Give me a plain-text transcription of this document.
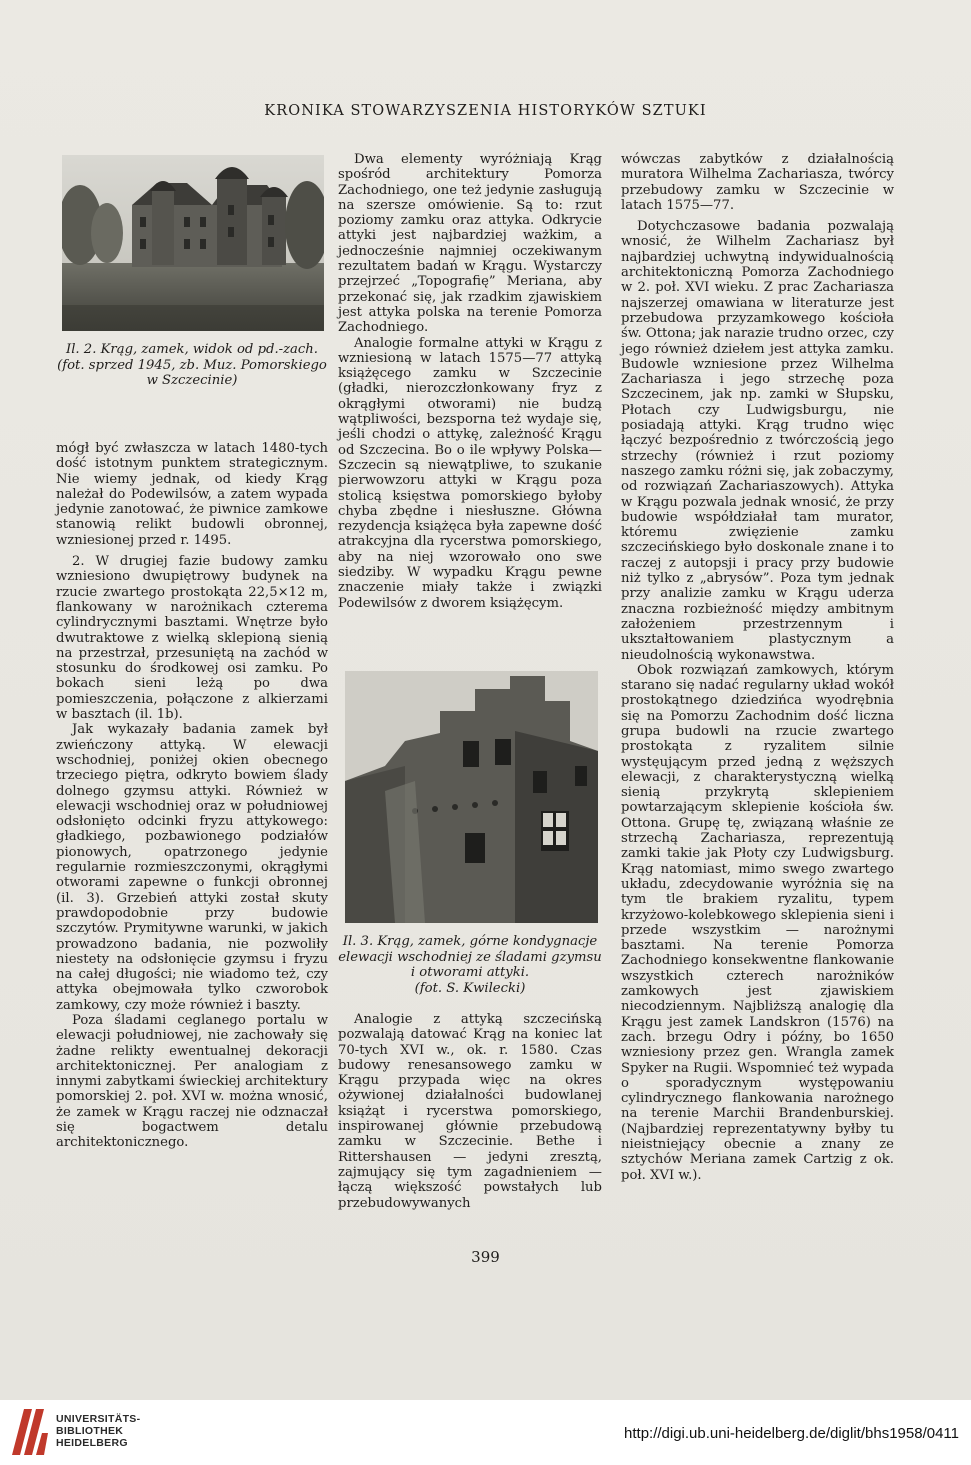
KRONIKA STOWARZYSZENIA HISTORYKÓW SZTUKI
Il. 2. Krąg, zamek, widok od pd.-zach. (fot. sprzed 1945, zb. Muz. Pomorskiego w Szczecinie)
Il. 3. Krąg, zamek, górne kondygnacje elewacji wschodniej ze śladami gzymsu i otworami attyki.
(fot. S. Kwilecki)

mógł być zwłaszcza w latach 1480-tych dość istotnym punktem strategicznym. Nie wiemy jednak, od kiedy Krąg należał do Podewilsów, a zatem wypada jedynie zanotować, że piwnice zamkowe stanowią relikt budowli obronnej, wzniesionej przed r. 1495.

2. W drugiej fazie budowy zamku wzniesiono dwupiętrowy budynek na rzucie zwartego prostokąta 22,5×12 m, flankowany w narożnikach czterema cylindrycznymi basztami. Wnętrze było dwutraktowe z wielką sklepioną sienią na przestrzał, przesuniętą na zachód w stosunku do środkowej osi zamku. Po bokach sieni leżą po dwa pomieszczenia, połączone z alkierzami w basztach (il. 1b).

Jak wykazały badania zamek był zwieńczony attyką. W elewacji wschodniej, poniżej okien obecnego trzeciego piętra, odkryto bowiem ślady dolnego gzymsu attyki. Również w elewacji wschodniej oraz w południowej odsłonięto odcinki fryzu attykowego: gładkiego, pozbawionego podziałów pionowych, opatrzonego jedynie regularnie rozmieszczonymi, okrągłymi otworami zapewne o funkcji obronnej (il. 3). Grzebień attyki został skuty prawdopodobnie przy budowie szczytów. Prymitywne warunki, w jakich prowadzono badania, nie pozwoliły niestety na odsłonięcie gzymsu i fryzu na całej długości; nie wiadomo też, czy attyka obejmowała tylko czworobok zamkowy, czy może również i baszty.

Poza śladami ceglanego portalu w elewacji południowej, nie zachowały się żadne relikty ewentualnej dekoracji architektonicznej. Per analogiam z innymi zabytkami świeckiej architektury pomorskiej 2. poł. XVI w. można wnosić, że zamek w Krągu raczej nie odznaczał się bogactwem detalu architektonicznego.

Dwa elementy wyróżniają Krąg spośród architektury Pomorza Zachodniego, one też jedynie zasługują na szersze omówienie. Są to: rzut poziomy zamku oraz attyka. Odkrycie attyki jest najbardziej ważkim, a jednocześnie najmniej oczekiwanym rezultatem badań w Krągu. Wystarczy przejrzeć „Topografię” Meriana, aby przekonać się, jak rzadkim zjawiskiem jest attyka polska na terenie Pomorza Zachodniego.

Analogie formalne attyki w Krągu z wzniesioną w latach 1575—77 attyką książęcego zamku w Szczecinie (gładki, nierozczłonkowany fryz z okrągłymi otworami) nie budzą wątpliwości, bezsporna też wydaje się, jeśli chodzi o attykę, zależność Krągu od Szczecina. Bo o ile wpływy Polska—Szczecin są niewątpliwe, to szukanie pierwowzoru attyki w Krągu poza stolicą księstwa pomorskiego byłoby chyba zbędne i niesłuszne. Główna rezydencja książęca była zapewne dość atrakcyjna dla rycerstwa pomorskiego, aby na niej wzorowało ono swe siedziby. W wypadku Krągu pewne znaczenie miały także i związki Podewilsów z dworem książęcym.

Analogie z attyką szczecińską pozwalają datować Krąg na koniec lat 70-tych XVI w., ok. r. 1580. Czas budowy renesansowego zamku w Krągu przypada więc na okres ożywionej działalności budowlanej książąt i rycerstwa pomorskiego, inspirowanej głównie przebudową zamku w Szczecinie. Bethe i Rittershausen — jedyni zresztą, zajmujący się tym zagadnieniem — łączą większość powstałych lub przebudowywanych

wówczas zabytków z działalnością muratora Wilhelma Zachariasza, twórcy przebudowy zamku w Szczecinie w latach 1575—77.

Dotychczasowe badania pozwalają wnosić, że Wilhelm Zachariasz był najbardziej uchwytną indywidualnością architektoniczną Pomorza Zachodniego w 2. poł. XVI wieku. Z prac Zachariasza najszerzej omawiana w literaturze jest przebudowa przyzamkowego kościoła św. Ottona; jak narazie trudno orzec, czy jego również dziełem jest attyka zamku. Budowle wzniesione przez Wilhelma Zachariasza i jego strzechę poza Szczecinem, jak np. zamki w Słupsku, Płotach czy Ludwigsburgu, nie posiadają attyki. Krąg trudno więc łączyć bezpośrednio z twórczością jego strzechy (również i rzut poziomy naszego zamku różni się, jak zobaczymy, od rozwiązań Zachariaszowych). Attyka w Krągu pozwala jednak wnosić, że przy budowie współdziałał tam murator, któremu zwięzienie zamku szczecińskiego było doskonale znane i to raczej z autopsji i pracy przy budowie niż tylko z „abrysów”. Poza tym jednak przy analizie zamku w Krągu uderza znaczna rozbieżność między ambitnym założeniem przestrzennym i ukształtowaniem plastycznym a nieudolnością wykonawstwa.

Obok rozwiązań zamkowych, którym starano się nadać regularny układ wokół prostokątnego dziedzińca wyodrębnia się na Pomorzu Zachodnim dość liczna grupa budowli na rzucie zwartego prostokąta z ryzalitem silnie wystęującym przed jedną z węższych elewacji, z charakterystyczną wielką sienią przykrytą sklepieniem powtarzającym sklepienie kościoła św. Ottona. Grupę tę, związaną właśnie ze strzechą Zachariasza, reprezentują zamki takie jak Płoty czy Ludwigsburg. Krąg natomiast, mimo swego zwartego układu, zdecydowanie wyróżnia się na tym tle brakiem ryzalitu, typem krzyżowo-kolebkowego sklepienia sieni i przede wszystkim — narożnymi basztami. Na terenie Pomorza Zachodniego konsekwentne flankowanie wszystkich czterech narożników zamkowych jest zjawiskiem niecodziennym. Najbliższą analogię dla Krągu jest zamek Landskron (1576) na zach. brzegu Odry i późny, bo 1650 wzniesiony przez gen. Wrangla zamek Spyker na Rugii. Wspomnieć też wypada o sporadycznym występowaniu cylindrycznego flankowania narożnego na terenie Marchii Brandenburskiej. (Najbardziej reprezentatywny byłby tu nieistniejący obecnie a znany ze sztychów Meriana zamek Cartzig z ok. poł. XVI w.).

399
UNIVERSITÄTS-
BIBLIOTHEK
HEIDELBERG
http://digi.ub.uni-heidelberg.de/diglit/bhs1958/0411
